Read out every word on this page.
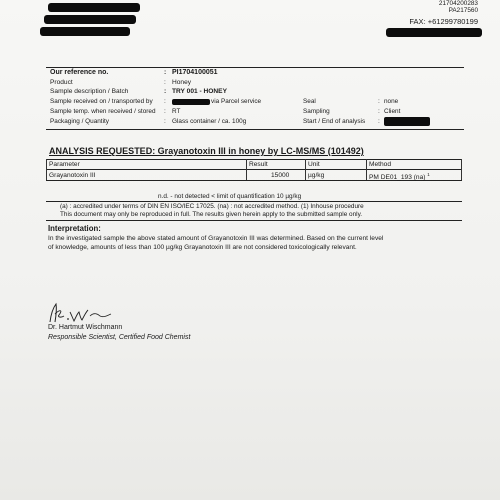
21704200283
PA217560
FAX: +61299780199
Our reference no.	: PI1704100051
Product	: Honey
Sample description / Batch	: TRY 001 - HONEY
Sample received on / transported by :	via Parcel service	Seal	: none
Sample temp. when received / stored : RT	Sampling	: Client
Packaging / Quantity	: Glass container / ca. 100g	Start / End of analysis :
ANALYSIS REQUESTED: Grayanotoxin III in honey by LC-MS/MS (101492)
Parameter	Result	Unit	Method
Grayanotoxin III	15000	µg/kg	PM DE01_193 (na) $^1$
n.d. - not detected < limit of quantification 10 µg/kg
(a) : accredited under terms of DIN EN ISO/IEC 17025. (na) : not accredited method. (1) Inhouse procedure
This document may only be reproduced in full. The results given herein apply to the submitted sample only.
Interpretation:
In the investigated sample the above stated amount of Grayanotoxin III was determined. Based on the current level
of knowledge, amounts of less than 100 µg/kg Grayanotoxin III are not considered toxicologically relevant.
Dr. Hartmut Wischmann
Responsible Scientist, Certified Food Chemist
